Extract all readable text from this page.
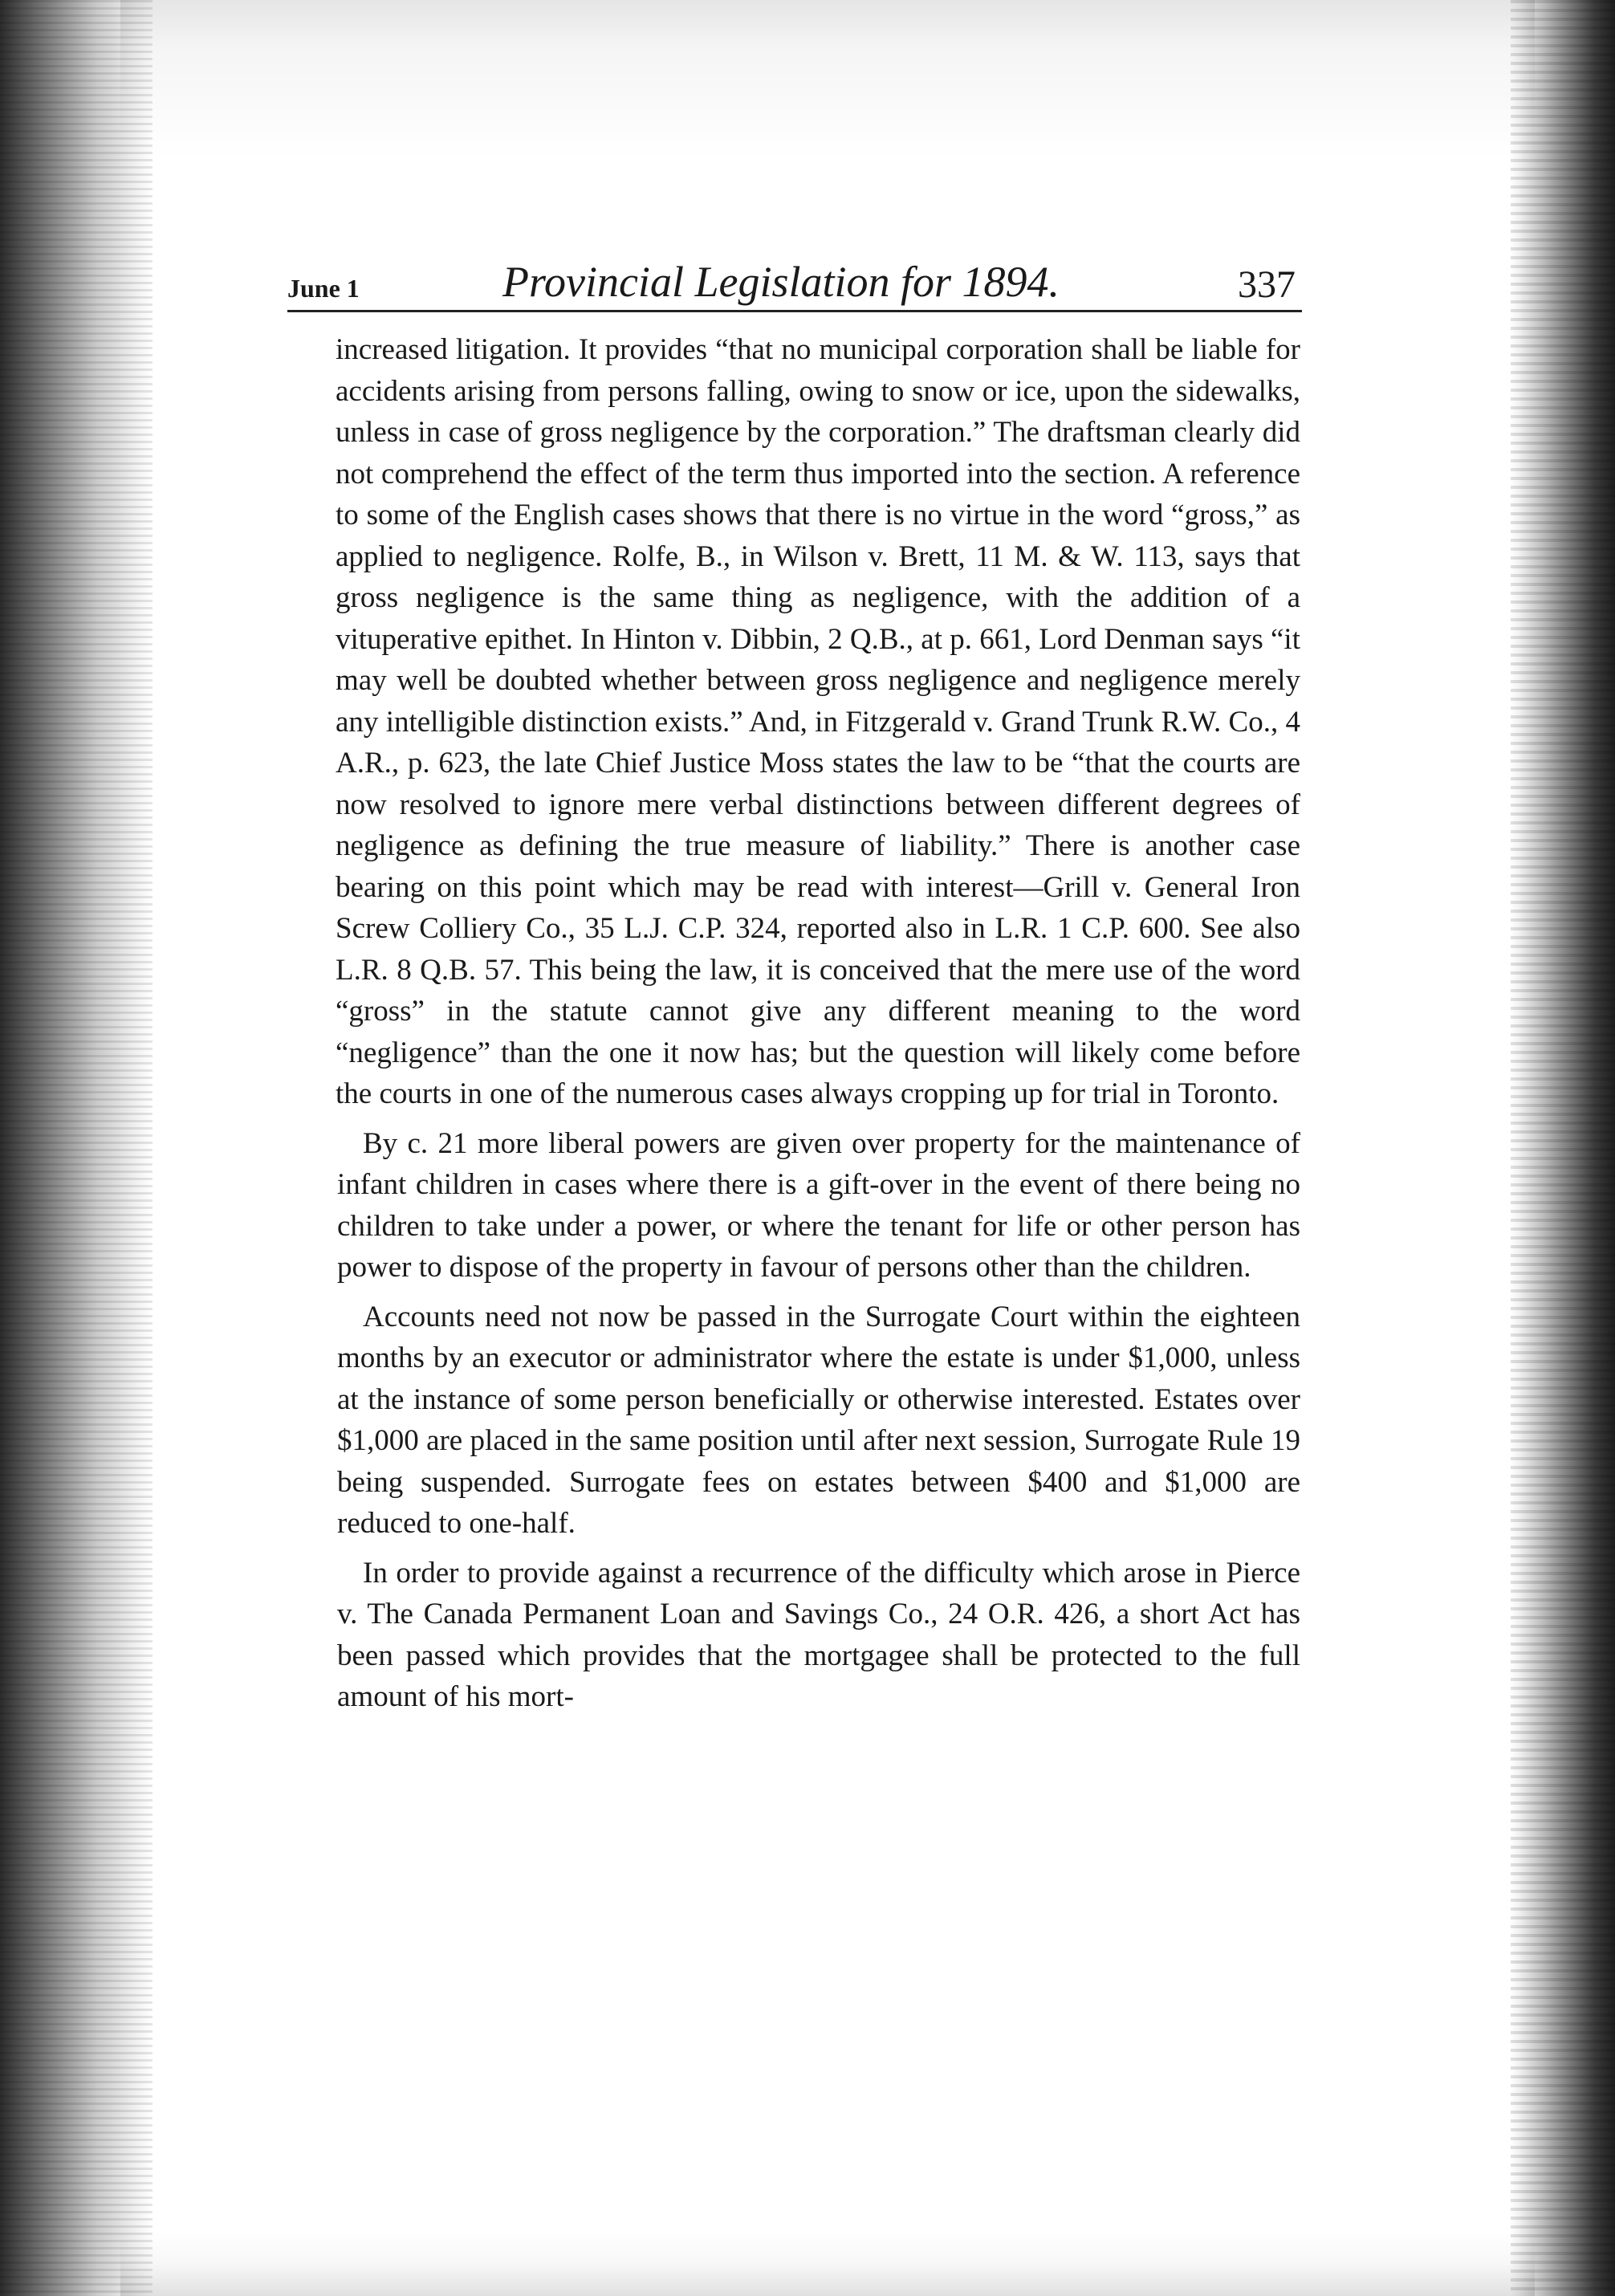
June 1	Provincial Legislation for 1894.	337

increased litigation. It provides “that no municipal corporation shall be liable for accidents arising from persons falling, owing to snow or ice, upon the sidewalks, unless in case of gross negligence by the corporation.” The draftsman clearly did not comprehend the effect of the term thus imported into the section. A reference to some of the English cases shows that there is no virtue in the word “gross,” as applied to negligence. Rolfe, B., in Wilson v. Brett, 11 M. & W. 113, says that gross negligence is the same thing as negligence, with the addition of a vituperative epithet. In Hinton v. Dibbin, 2 Q.B., at p. 661, Lord Denman says “it may well be doubted whether between gross negligence and negligence merely any intelligible distinction exists.” And, in Fitzgerald v. Grand Trunk R.W. Co., 4 A.R., p. 623, the late Chief Justice Moss states the law to be “that the courts are now resolved to ignore mere verbal distinctions between different degrees of negligence as defining the true measure of liability.” There is another case bearing on this point which may be read with interest—Grill v. General Iron Screw Colliery Co., 35 L.J. C.P. 324, reported also in L.R. 1 C.P. 600. See also L.R. 8 Q.B. 57. This being the law, it is conceived that the mere use of the word “gross” in the statute cannot give any different meaning to the word “negligence” than the one it now has; but the question will likely come before the courts in one of the numerous cases always cropping up for trial in Toronto.

By c. 21 more liberal powers are given over property for the maintenance of infant children in cases where there is a gift-over in the event of there being no children to take under a power, or where the tenant for life or other person has power to dispose of the property in favour of persons other than the children.

Accounts need not now be passed in the Surrogate Court within the eighteen months by an executor or administrator where the estate is under $1,000, unless at the instance of some person beneficially or otherwise interested. Estates over $1,000 are placed in the same position until after next session, Surrogate Rule 19 being suspended. Surrogate fees on estates between $400 and $1,000 are reduced to one-half.

In order to provide against a recurrence of the difficulty which arose in Pierce v. The Canada Permanent Loan and Savings Co., 24 O.R. 426, a short Act has been passed which provides that the mortgagee shall be protected to the full amount of his mort-
